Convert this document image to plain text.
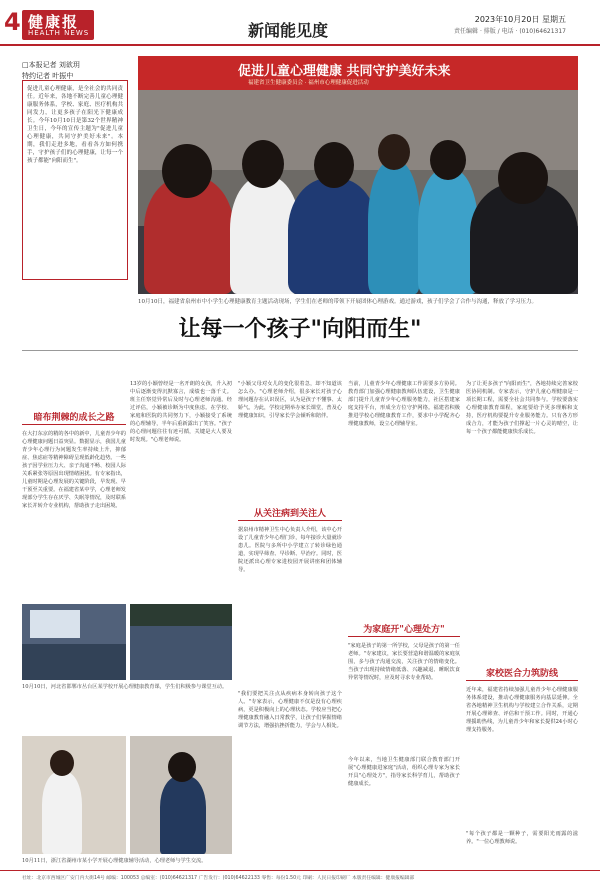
4 健康报
HEALTH NEWS	新闻能见度
2023年10月20日 星期五
责任编辑 · 排版 / 电话 · (010)64621317
□本报记者 刘欲玥
特约记者 叶振中
促进儿童心理健康，是全社会的共同责任。近年来，各地不断完善儿童心理健康服务体系，学校、家庭、医疗机构共同发力，让更多孩子在阳光下健康成长。今年10月10日是第32个世界精神卫生日，今年的宣传主题为"促进儿童心理健康，共同守护美好未来"。本期，我们走进多地，看看各方如何携手，守护孩子们的心理健康，让每一个孩子都能"向阳而生"。
促进儿童心理健康 共同守护美好未来
福建省卫生健康委员会 · 福州市心理健康促进活动
10月10日，福建省泉州市中小学生心理健康教育主题活动现场，学生们在老师的带领下开展团体心理游戏。通过游戏，孩子们学会了合作与沟通，释放了学习压力。
让每一个孩子"向阳而生"
暗布荆棘的成长之路
在大打东京的精的各中的新中，儿童青少年的心理健康问题日益突显。数据显示，我国儿童青少年心理行为问题发生率持续上升，抑郁症、焦虑症等精神障碍呈现低龄化趋势。一些孩子因学业压力大、亲子沟通不畅、校园人际关系紧张等原因出现情绪困扰。有专家指出，儿童时期是心理发展的关键阶段，早发现、早干预至关重要。在福建省某中学，心理老师发现部分学生存在厌学、失眠等情况，及时联系家长并转介专业机构，帮助孩子走出困境。
10月10日，河北省邯郸市丛台区某学校开展心理健康教育课，学生们积极参与课堂互动。
10月11日，浙江省湖州市某小学开展心理健康辅导活动，心理老师与学生交流。
13岁的小颖曾经是一名开朗的女孩，升入初中后逐渐变得沉默寡言，成绩也一落千丈。班主任察觉异常后及时与心理老师沟通。经过评估，小颖被诊断为中度焦虑。在学校、家庭和医院的共同努力下，小颖接受了系统的心理辅导，半年后重新露出了笑容。"孩子的心理问题往往有迹可循，关键是大人要及时发现。"心理老师说。
"小颖父母对女儿的变化很着急，却不知道该怎么办。"心理老师介绍，很多家长对孩子心理问题存在认识误区，认为是孩子不懂事、太娇气。为此，学校定期举办家长课堂，普及心理健康知识，引导家长学会倾听和陪伴。
从关注病到关注人
据泉州市精神卫生中心负责人介绍，该中心开设了儿童青少年心理门诊，每年接诊大量就诊患儿。医院与多所中小学建立了转诊绿色通道，实现早筛查、早诊断、早治疗。同时，医院还派出心理专家进校园开展讲座和团体辅导。
"我们要把关注点从疾病本身转向孩子这个人。"专家表示，心理健康不仅是没有心理疾病，更是积极向上的心理状态。学校应当把心理健康教育融入日常教学，让孩子们掌握情绪调节方法，增强抗挫折能力，学会与人相处。
当前，儿童青少年心理健康工作需要多方协同。教育部门加强心理健康教师队伍建设，卫生健康部门提升儿童青少年心理服务能力，社区搭建家庭支持平台，形成全方位守护网络。福建省积极推进学校心理健康教育工作，要求中小学配齐心理健康教师，设立心理辅导室。
为家庭开"心理处方"
"家庭是孩子的第一所学校，父母是孩子的第一任老师。"专家建议，家长要营造和谐温暖的家庭氛围，多与孩子沟通交流，关注孩子的情绪变化。当孩子出现持续情绪低落、兴趣减退、睡眠饮食异常等情况时，应及时寻求专业帮助。
今年以来，当地卫生健康部门联合教育部门开展"心理健康进家庭"活动，组织心理专家为家长开具"心理处方"，指导家长科学育儿，帮助孩子健康成长。
为了让更多孩子"向阳而生"，各地持续完善家校医协同机制。专家表示，守护儿童心理健康是一项长期工程，需要全社会共同参与。学校要落实心理健康教育课程，家庭要给予更多理解和支持，医疗机构要提升专业服务能力。只有各方形成合力，才能为孩子们撑起一片心灵的晴空，让每一个孩子都能健康快乐成长。
家校医合力筑防线
近年来，福建省持续加强儿童青少年心理健康服务体系建设，推动心理健康服务向基层延伸。全省各地精神卫生机构与学校建立合作关系，定期开展心理筛查、评估和干预工作。同时，开通心理援助热线，为儿童青少年和家长提供24小时心理支持服务。
"每个孩子都是一颗种子，需要阳光雨露的滋养。"一位心理教师说。
社址：北京市西城区广安门内大街14号 邮编：100053 总编室：(010)64621317 广告发行：(010)64622133 零售：每份1.50元 印刷：人民日报印刷厂 本版责任编辑：健康报编辑部
